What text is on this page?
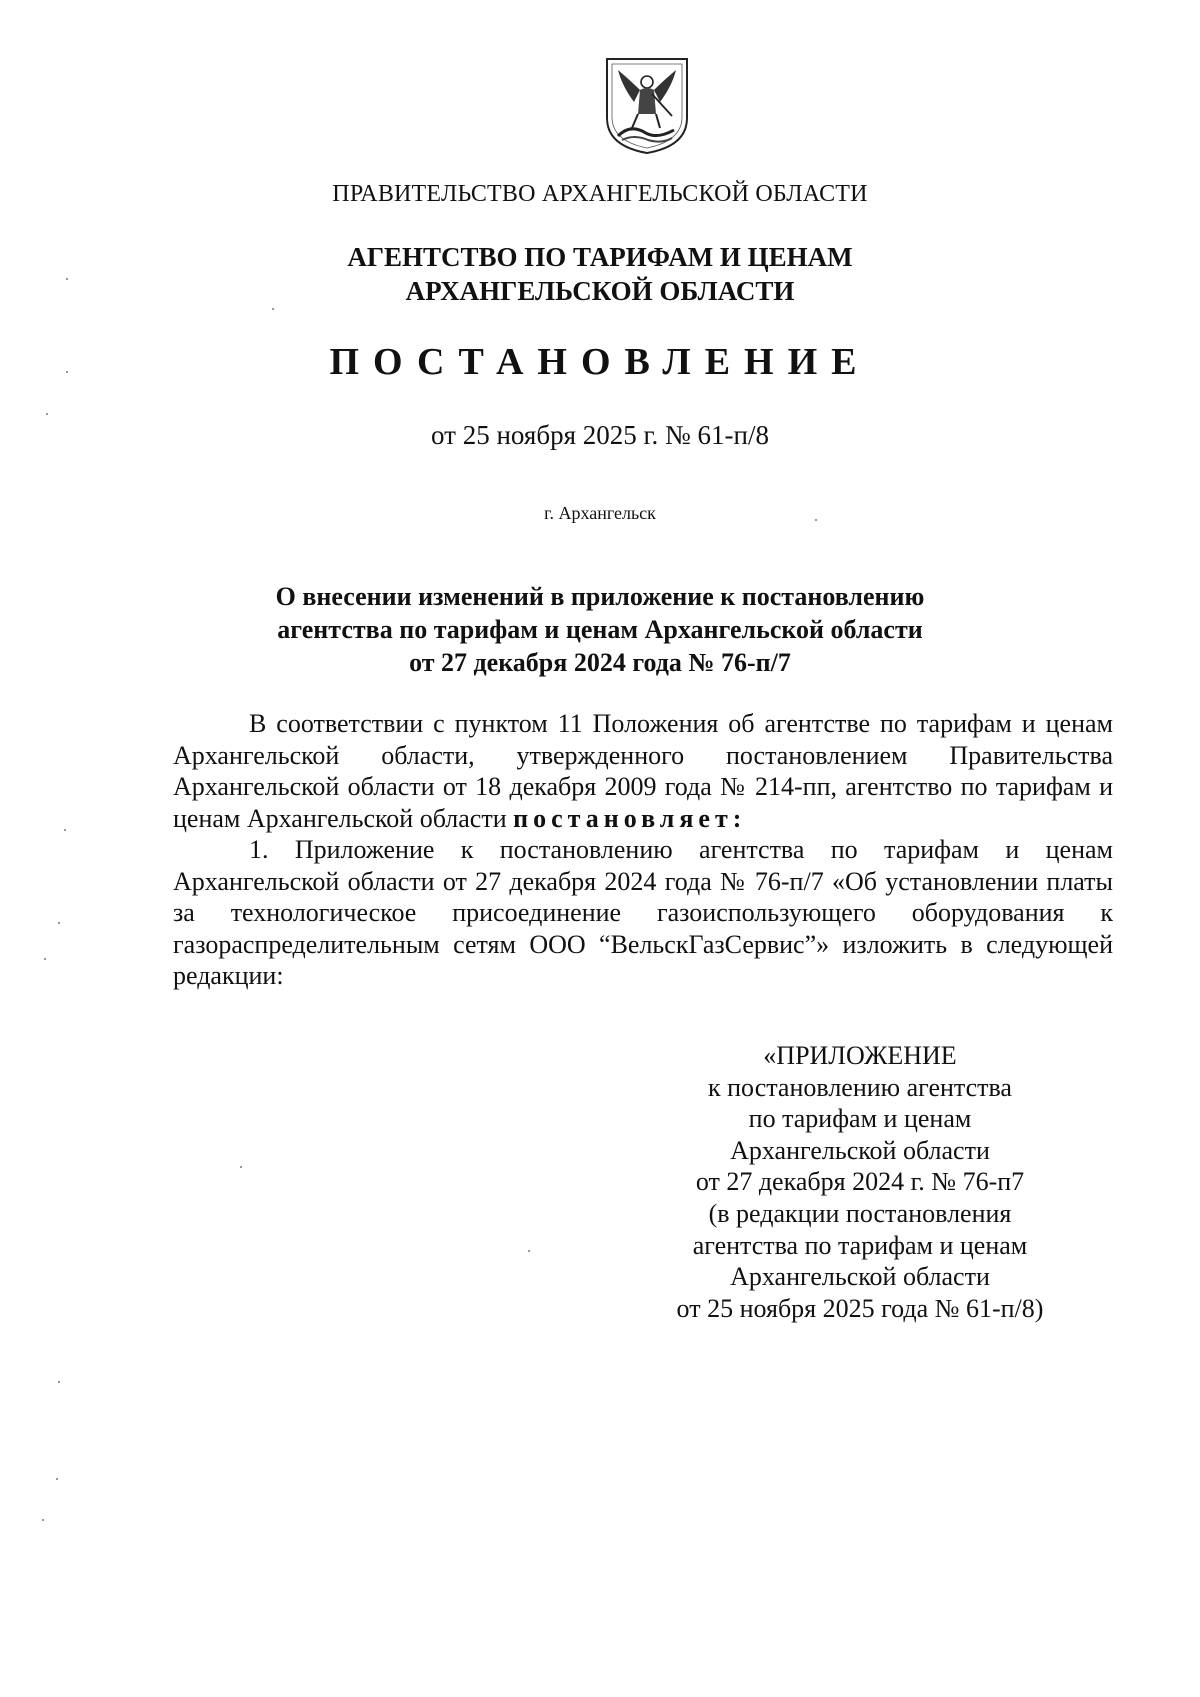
ПРАВИТЕЛЬСТВО АРХАНГЕЛЬСКОЙ ОБЛАСТИ
АГЕНТСТВО ПО ТАРИФАМ И ЦЕНАМ
АРХАНГЕЛЬСКОЙ ОБЛАСТИ
ПОСТАНОВЛЕНИЕ
от 25 ноября 2025 г. № 61-п/8
г. Архангельск
О внесении изменений в приложение к постановлению
агентства по тарифам и ценам Архангельской области
от 27 декабря 2024 года № 76-п/7

В соответствии с пунктом 11 Положения об агентстве по тарифам и ценам Архангельской области, утвержденного постановлением Правительства Архангельской области от 18 декабря 2009 года № 214-пп, агентство по тарифам и ценам Архангельской области постановляет:

1. Приложение к постановлению агентства по тарифам и ценам Архангельской области от 27 декабря 2024 года № 76-п/7 «Об установлении платы за технологическое присоединение газоиспользующего оборудования к газораспределительным сетям ООО “ВельскГазСервис”» изложить в следующей редакции:

«ПРИЛОЖЕНИЕ
к постановлению агентства
по тарифам и ценам
Архангельской области
от 27 декабря 2024 г. № 76-п7
(в редакции постановления
агентства по тарифам и ценам
Архангельской области
от 25 ноября 2025 года № 61-п/8)
